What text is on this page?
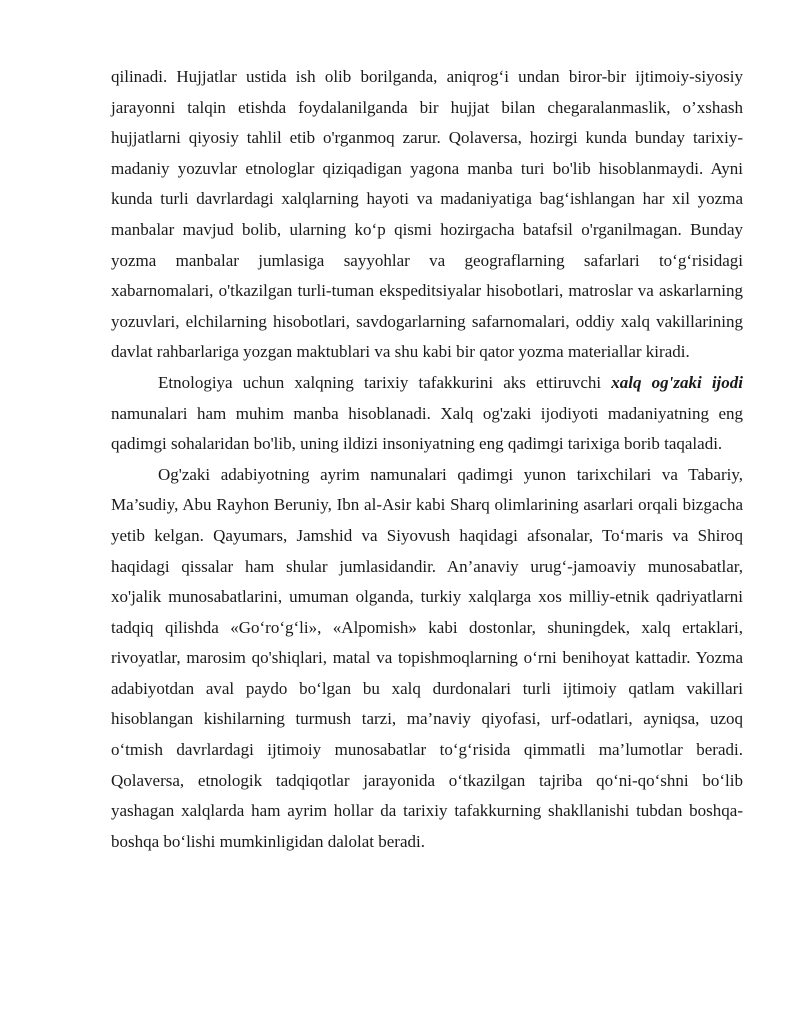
qilinadi. Hujjatlar ustida ish olib borilganda, aniqrog‘i undan biror-bir ijtimoiy-siyosiy jarayonni talqin etishda foydalanilganda bir hujjat bilan chegaralanmaslik, o’xshash hujjatlarni qiyosiy tahlil etib o'rganmoq zarur. Qolaversa, hozirgi kunda bunday tarixiy-madaniy yozuvlar etnologlar qiziqadigan yagona manba turi bo'lib hisoblanmaydi. Ayni kunda turli davrlardagi xalqlarning hayoti va madaniyatiga bag‘ishlangan har xil yozma manbalar mavjud bolib, ularning ko‘p qismi hozirgacha batafsil o'rganilmagan. Bunday yozma manbalar jumlasiga sayyohlar va geograflarning safarlari to‘g‘risidagi xabarnomalari, o'tkazilgan turli-tuman ekspeditsiyalar hisobotlari, matroslar va askarlarning yozuvlari, elchilarning hisobotlari, savdogarlarning safarnomalari, oddiy xalq vakillarining davlat rahbarlariga yozgan maktublari va shu kabi bir qator yozma materiallar kiradi.

Etnologiya uchun xalqning tarixiy tafakkurini aks ettiruvchi xalq og'zaki ijodi namunalari ham muhim manba hisoblanadi. Xalq og'zaki ijodiyoti madaniyatning eng qadimgi sohalaridan bo'lib, uning ildizi insoniyatning eng qadimgi tarixiga borib taqaladi.

Og'zaki adabiyotning ayrim namunalari qadimgi yunon tarixchilari va Tabariy, Ma’sudiy, Abu Rayhon Beruniy, Ibn al-Asir kabi Sharq olimlarining asarlari orqali bizgacha yetib kelgan. Qayumars, Jamshid va Siyovush haqidagi afsonalar, To‘maris va Shiroq haqidagi qissalar ham shular jumlasidandir. An’anaviy urug‘-jamoaviy munosabatlar, xo'jalik munosabatlarini, umuman olganda, turkiy xalqlarga xos milliy-etnik qadriyatlarni tadqiq qilishda «Go‘ro‘g‘li», «Alpomish» kabi dostonlar, shuningdek, xalq ertaklari, rivoyatlar, marosim qo'shiqlari, matal va topishmoqlarning o‘rni benihoyat kattadir. Yozma adabiyotdan aval paydo bo‘lgan bu xalq durdonalari turli ijtimoiy qatlam vakillari hisoblangan kishilarning turmush tarzi, ma’naviy qiyofasi, urf-odatlari, ayniqsa, uzoq o‘tmish davrlardagi ijtimoiy munosabatlar to‘g‘risida qimmatli ma’lumotlar beradi. Qolaversa, etnologik tadqiqotlar jarayonida o‘tkazilgan tajriba qo‘ni-qo‘shni bo‘lib yashagan xalqlarda ham ayrim hollar da tarixiy tafakkurning shakllanishi tubdan boshqa-boshqa bo‘lishi mumkinligidan dalolat beradi.
